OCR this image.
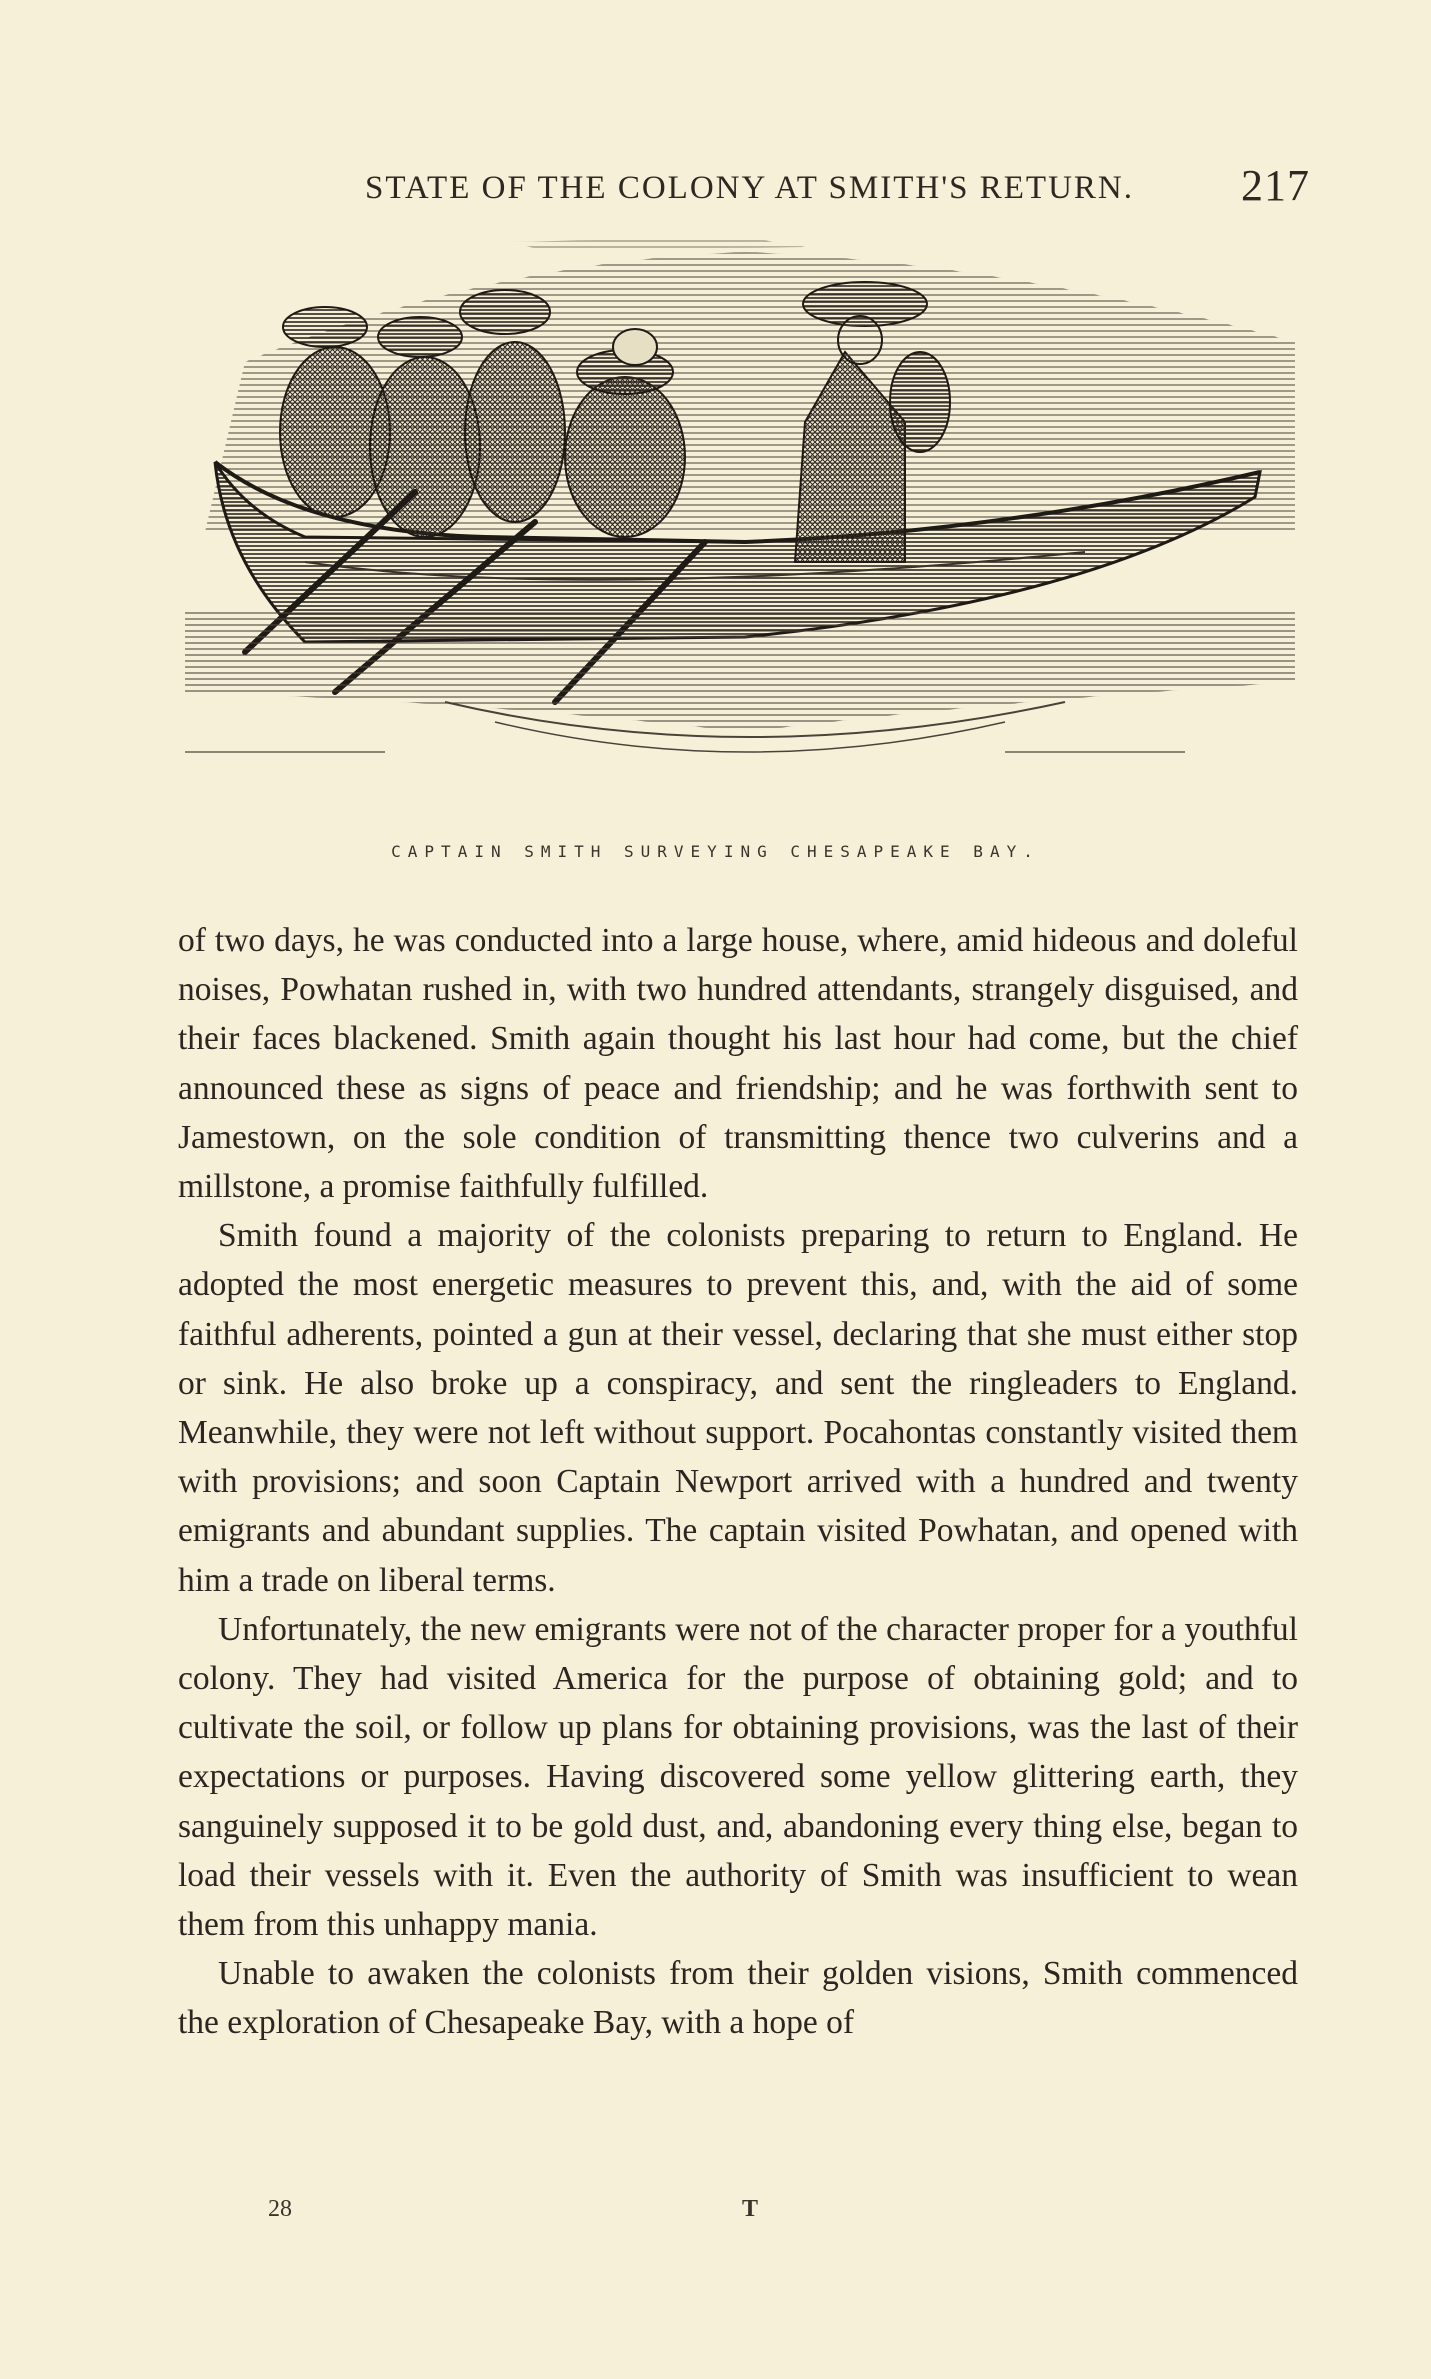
STATE OF THE COLONY AT SMITH'S RETURN. 217
CAPTAIN SMITH SURVEYING CHESAPEAKE BAY.

of two days, he was conducted into a large house, where, amid hideous and doleful noises, Powhatan rushed in, with two hundred attendants, strangely disguised, and their faces blackened. Smith again thought his last hour had come, but the chief announced these as signs of peace and friendship; and he was forthwith sent to Jamestown, on the sole condition of transmitting thence two culverins and a millstone, a promise faithfully fulfilled.

Smith found a majority of the colonists preparing to return to England. He adopted the most energetic measures to prevent this, and, with the aid of some faithful adherents, pointed a gun at their vessel, declaring that she must either stop or sink. He also broke up a conspiracy, and sent the ringleaders to England. Meanwhile, they were not left without support. Pocahontas constantly visited them with provisions; and soon Captain Newport arrived with a hundred and twenty emigrants and abundant supplies. The captain visited Powhatan, and opened with him a trade on liberal terms.

Unfortunately, the new emigrants were not of the character proper for a youthful colony. They had visited America for the purpose of obtaining gold; and to cultivate the soil, or follow up plans for obtaining provisions, was the last of their expectations or purposes. Having discovered some yellow glittering earth, they sanguinely supposed it to be gold dust, and, abandoning every thing else, began to load their vessels with it. Even the authority of Smith was insufficient to wean them from this unhappy mania.

Unable to awaken the colonists from their golden visions, Smith commenced the exploration of Chesapeake Bay, with a hope of

28	T
